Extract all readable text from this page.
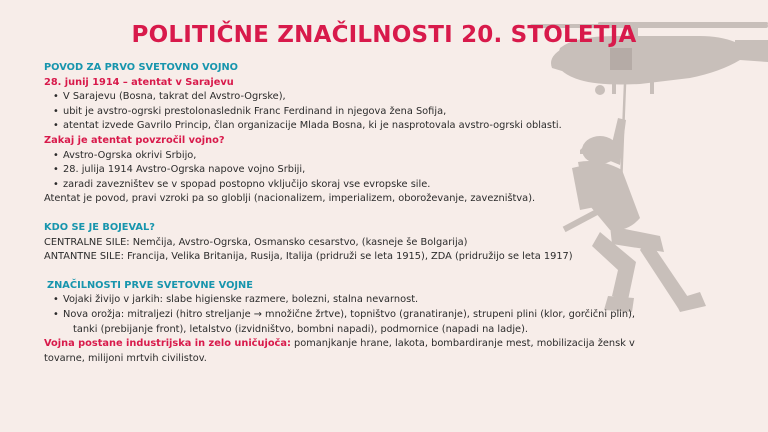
POLITIČNE ZNAČILNOSTI 20. STOLETJA
POVOD ZA PRVO SVETOVNO VOJNO
28. junij 1914 – atentat v Sarajevu
• V Sarajevu (Bosna, takrat del Avstro-Ogrske),
• ubit je avstro-ogrski prestolonaslednik Franc Ferdinand in njegova žena Sofija,
• atentat izvede Gavrilo Princip, član organizacije Mlada Bosna, ki je nasprotovala avstro-ogrski oblasti.
Zakaj je atentat povzročil vojno?
• Avstro-Ogrska okrivi Srbijo,
• 28. julija 1914 Avstro-Ogrska napove vojno Srbiji,
• zaradi zavezništev se v spopad postopno vključijo skoraj vse evropske sile.
Atentat je povod, pravi vzroki pa so globlji (nacionalizem, imperializem, oboroževanje, zavezništva).
KDO SE JE BOJEVAL?
CENTRALNE SILE: Nemčija, Avstro-Ogrska, Osmansko cesarstvo, (kasneje še Bolgarija)
ANTANTNE SILE: Francija, Velika Britanija, Rusija, Italija (pridruži se leta 1915), ZDA (pridružijo se leta 1917)
ZNAČILNOSTI PRVE SVETOVNE VOJNE
• Vojaki živijo v jarkih: slabe higienske razmere, bolezni, stalna nevarnost.
• Nova orožja: mitraljezi (hitro streljanje → množične žrtve), topništvo (granatiranje), strupeni plini (klor, gorčični plin),
tanki (prebijanje front), letalstvo (izvidništvo, bombni napadi), podmornice (napadi na ladje).
Vojna postane industrijska in zelo uničujoča: pomanjkanje hrane, lakota, bombardiranje mest, mobilizacija žensk v
tovarne, milijoni mrtvih civilistov.
